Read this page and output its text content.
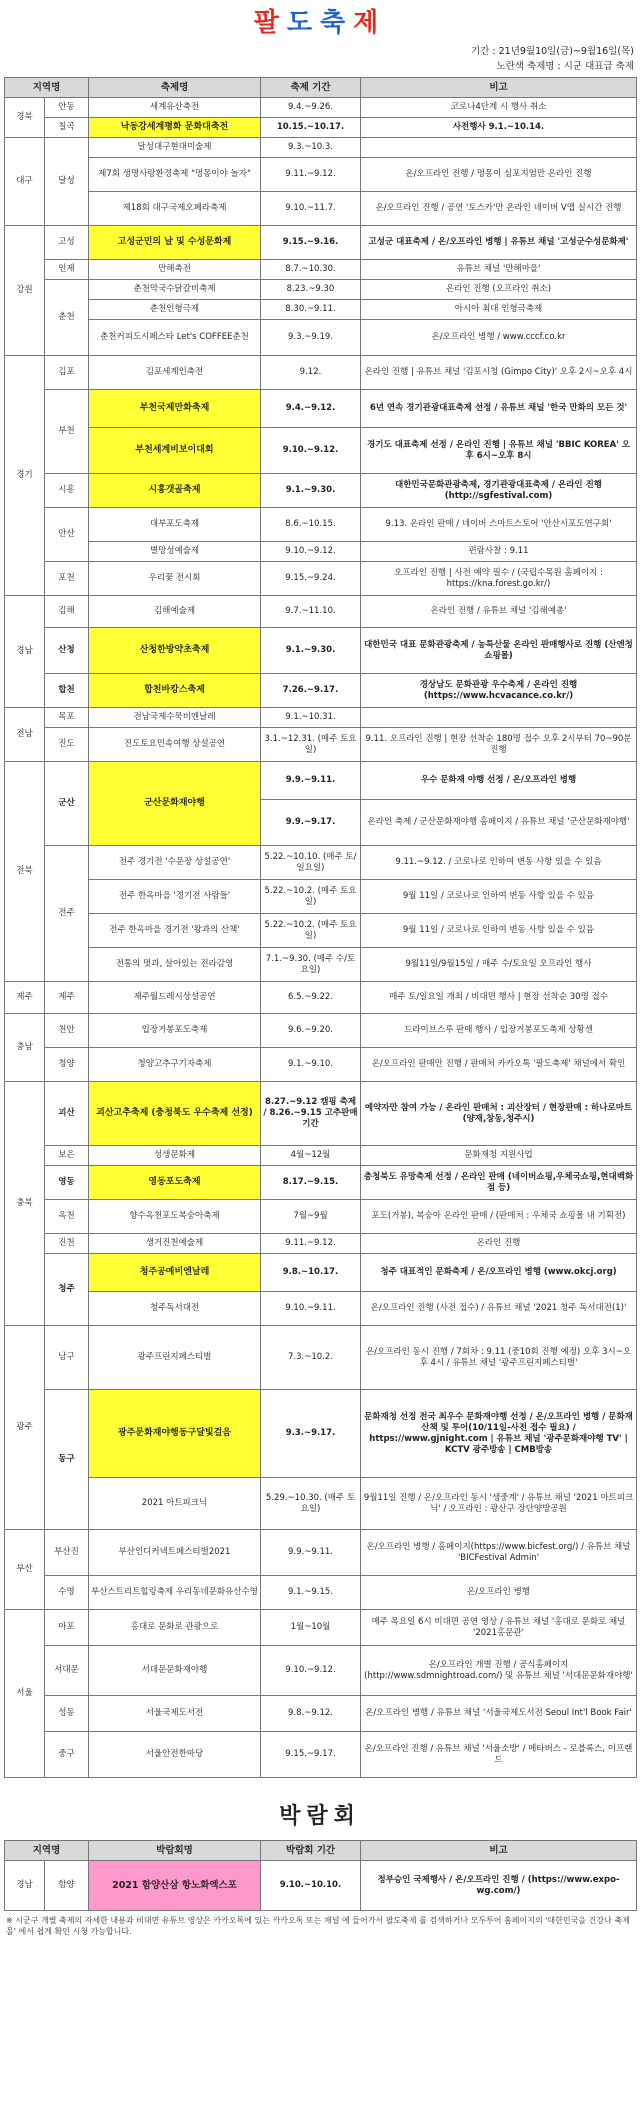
팔도축제
기간 : 21년9월10일(금)~9월16일(목)
노란색 축제명 : 시군 대표급 축제
지역명		축제명	축제 기간	비고
경북	안동	세계유산축전	9.4.~9.26.	코로나4단계 시 행사 취소
	칠곡	낙동강세계평화 문화대축전	10.15.~10.17.	사전행사 9.1.~10.14.
대구	달성	달성대구현대미술제	9.3.~10.3.	
		제7회 생명사랑환경축제 "멍몽이야 놀자"	9.11.~9.12.	온/오프라인 진행 / 멍몽이 심포지엄만 온라인 진행
		제18회 대구국제오페라축제	9.10.~11.7.	온/오프라인 진행 / 공연 '토스카'만 온라인 네이버 V앱 실시간 진행
강원	고성	고성군민의 날 및 수성문화제	9.15.~9.16.	고성군 대표축제 / 온/오프라인 병행 | 유튜브 채널 '고성군수성문화제'
	인제	만해축전	8.7.~10.30.	유튜브 채널 '만해마을'
	춘천	춘천막국수닭갈비축제	8.23.~9.30	온라인 진행 (오프라인 취소)
		춘천인형극제	8.30.~9.11.	아시아 최대 인형극축제
		춘천커피도시페스타 Let's COFFEE춘천	9.3.~9.19.	온/오프라인 병행 / www.cccf.co.kr
경기	김포	김포세계인축전	9.12.	온라인 진행 | 유튜브 채널 '김포시청 (Gimpo City)' 오후 2시~오후 4시
	부천	부천국제만화축제	9.4.~9.12.	6년 연속 경기관광대표축제 선정 / 유튜브 채널 '한국 만화의 모든 것'
		부천세계비보이대회	9.10.~9.12.	경기도 대표축제 선정 / 온라인 진행 | 유튜브 채널 'BBIC KOREA' 오후 6시~오후 8시
	시흥	시흥갯골축제	9.1.~9.30.	대한민국문화관광축제, 경기관광대표축제 / 온라인 진행 (http://sgfestival.com)
	안산	대부포도축제	8.6.~10.15.	9.13. 온라인 판매 / 네이버 스마트스토어 '안산시포도연구회'
		별망성예술제	9.10.~9.12.	편람사찰 : 9.11
	포천	우리꽃 전시회	9.15.~9.24.	오프라인 진행 | 사전 예약 필수 / (국립수목원 홈페이지 : https://kna.forest.go.kr/)
경남	김해	김해예술제	9.7.~11.10.	온라인 진행 / 유튜브 채널 '김해예총'
	산청	산청한방약초축제	9.1.~9.30.	대한민국 대표 문화관광축제 / 농특산물 온라인 판매행사로 진행 (산엔청 쇼핑몰)
	합천	합천바캉스축제	7.26.~9.17.	경상남도 문화관광 우수축제 / 온라인 진행 (https://www.hcvacance.co.kr/)
전남	목포	전남국제수묵비엔날레	9.1.~10.31.	
	진도	진도토요민속여행 상설공연	3.1.~12.31. (매주 토요일)	9.11. 오프라인 진행 | 현장 선착순 180명 접수 오후 2시부터 70~90분 진행
전북	군산	군산문화재야행	9.9.~9.11.	우수 문화재 야행 선정 / 온/오프라인 병행
			9.9.~9.17.	온라인 축제 / 군산문화재야행 홈페이지 / 유튜브 채널 '군산문화재야행'
	전주	전주 경기전 '수문장 상설공연'	5.22.~10.10. (매주 토/일요일)	9.11.~9.12. / 코로나로 인하여 변동 사항 있을 수 있음
		전주 한옥마을 '경기전 사람들'	5.22.~10.2. (매주 토요일)	9월 11일 / 코로나로 인하여 변동 사항 있을 수 있음
		전주 한옥마을 경기전 '왕과의 산책'	5.22.~10.2. (매주 토요일)	9월 11일 / 코로나로 인하여 변동 사항 있을 수 있음
		전통의 멋과, 살아있는 전라감영	7.1.~9.30. (매주 수/토요일)	9월11일/9월15일 / 매주 수/토요일 오프라인 행사
제주	제주	제주월드레시상설공연	6.5.~9.22.	매주 토/일요일 개최 / 비대면 행사 | 현장 선착순 30명 접수
충남	천안	입장거봉포도축제	9.6.~9.20.	드라이브스루 판매 행사 / 입장거봉포도축제 상황센
	청양	청양고추구기자축제	9.1.~9.10.	온/오프라인 판매만 진행 / 판매처 카카오톡 '팔도축제' 채널에서 확인
충북	괴산	괴산고추축제 (충청북도 우수축제 선정)	8.27.~9.12 캠핑 축제 / 8.26.~9.15 고추판매기간	예약자만 참여 가능 / 온라인 판매처 : 괴산장터 / 현장판매 : 하나로마트(양재,창동,청주시)
	보은	성생문화제	4월~12월	문화재청 지원사업
	영동	영동포도축제	8.17.~9.15.	충청북도 유망축제 선정 / 온라인 판매 (네이버쇼핑,우체국쇼핑,현대백화점 등)
	옥천	향수옥천포도복숭아축제	7월~9월	포도(거봉), 복숭아 온라인 판매 / (판매처 : 우체국 쇼핑몰 내 기획전)
	진천	생거진천예술제	9.11.~9.12.	온라인 진행
	청주	청주공예비엔날레	9.8.~10.17.	청주 대표적인 문화축제 / 온/오프라인 병행 (www.okcj.org)
		청주독서대전	9.10.~9.11.	온/오프라인 진행 (사전 접수) / 유튜브 채널 '2021 청주 독서대전(1)'
광주	남구	광주프린지페스티벌	7.3.~10.2.	온/오프라인 동시 진행 / 7회차 : 9.11 (중10회 진행 예정) 오후 3시~오후 4시 / 유튜브 채널 '광주프린지페스티벌'
	동구	광주문화재야행동구달빛걸음	9.3.~9.17.	문화재청 선정 전국 최우수 문화재야행 선정 / 온/오프라인 병행 / 문화재 산책 및 투어(10/11일-사전 접수 필요) / https://www.gjnight.com | 유튜브 채널 '광주문화재야행 TV' | KCTV 광주방송 | CMB방송
		2021 아트피크닉	5.29.~10.30. (매주 토요일)	9월11일 진행 / 온/오프라인 동시 '생중계' / 유튜브 채널 '2021 아트피크닉' / 오프라인 : 광산구 장단양방공원
부산	부산진	부산인디커넥트페스티벌2021	9.9.~9.11.	온/오프라인 병행 / 홈페이지(https://www.bicfest.org/) / 유튜브 채널 'BICFestival Admin'
	수영	부산스트리트힐링축제 우리동네문화유산수영	9.1.~9.15.	온/오프라인 병행
서울	마포	홍대로 문화로 관광으로	1월~10월	매주 목요일 6시 비대면 공연 영상 / 유튜브 채널 '홍대로 문화로 채널 '2021홍문관'
	서대문	서대문문화재야행	9.10.~9.12.	온/오프라인 개별 진행 / 공식홈페이지(http://www.sdmnightroad.com/) 및 유튜브 채널 '서대문문화재야행'
	성동	서울국제도서전	9.8.~9.12.	온/오프라인 병행 / 유튜브 채널 '서울국제도서전 Seoul Int'l Book Fair'
	중구	서울안전한마당	9.15.~9.17.	온/오프라인 진행 / 유튜브 채널 '서울소방' / 메타버스 - 로블록스, 이프랜드
박람회
지역명		박람회명	박람회 기간	비고
경남	함양	2021 함양산삼 항노화엑스포	9.10.~10.10.	정부승인 국제행사 / 온/오프라인 진행 / (https://www.expo-wg.com/)
※ 시군구 개별 축제의 자세한 내용과 비대면 유튜브 영상은 카카오톡에 있는 카카오톡 또는 채널 에 들어가서 팔도축제 를 검색하거나 모두투어 홈페이지의 '대한민국을 건강나 축제몰' 에서 쉽게 확인 시청 가능합니다.
